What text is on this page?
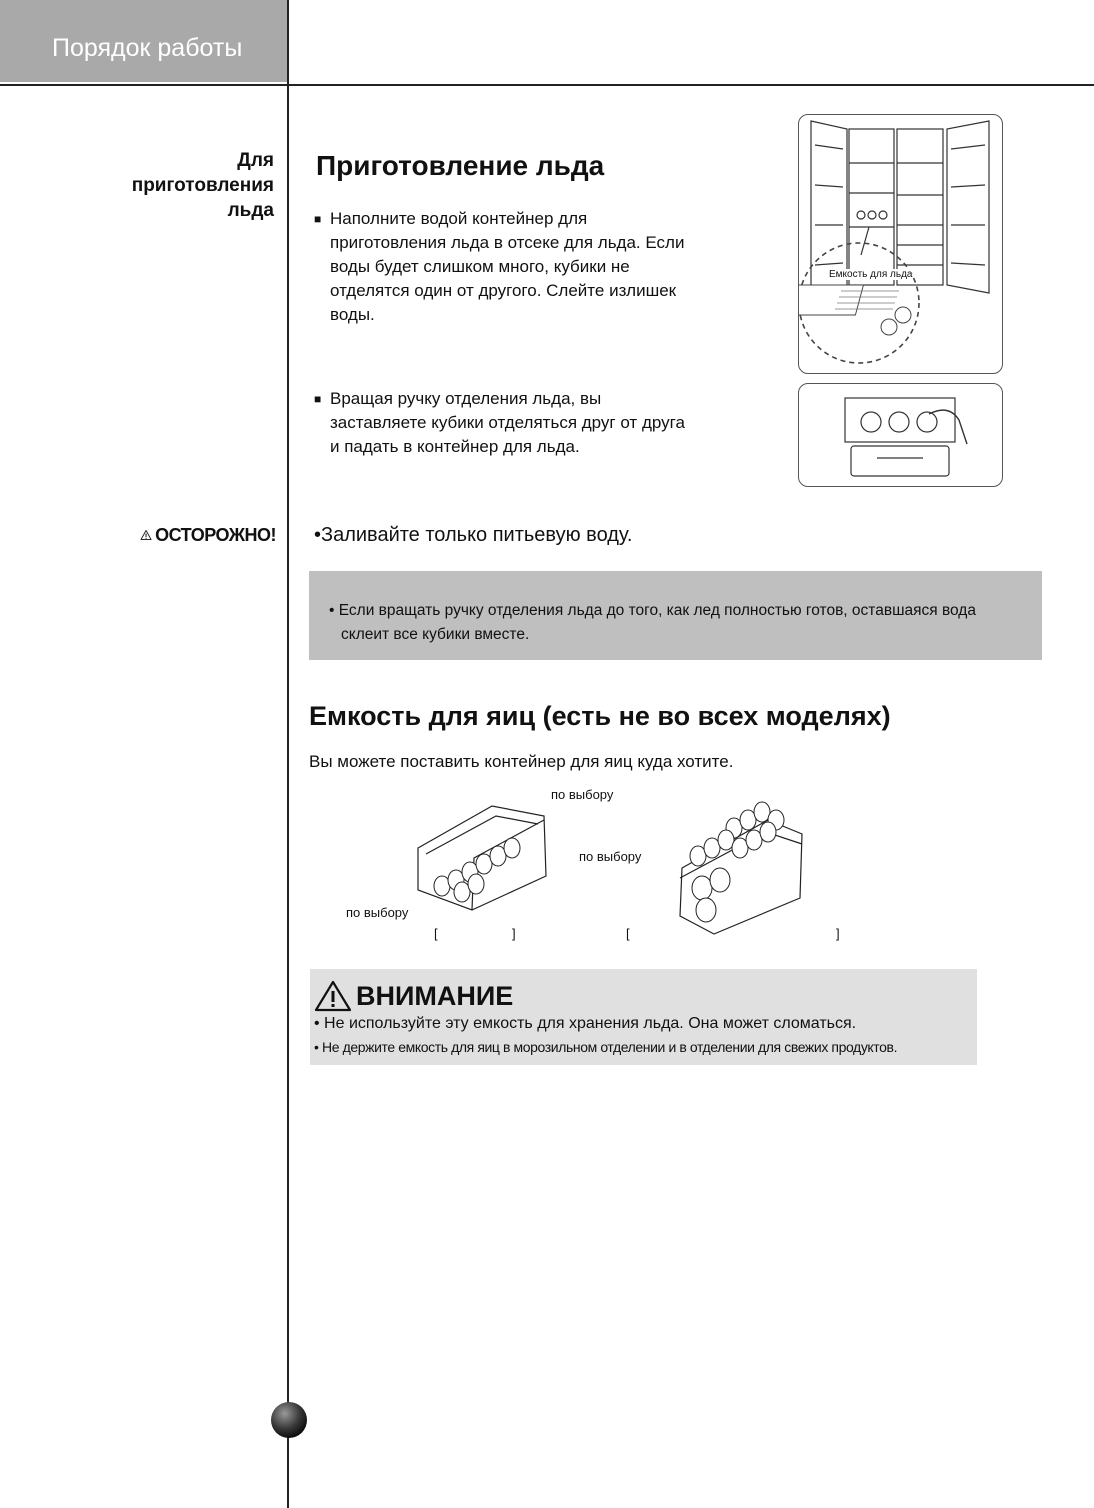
Порядок работы
Для
приготовления
льда
ОСТОРОЖНО!
Приготовление льда
■ Наполните водой контейнер для приготовления льда в отсеке для льда. Если воды будет слишком много, кубики не отделятся один от другого. Слейте излишек воды.
■ Вращая ручку отделения льда, вы заставляете кубики отделяться друг от друга и падать в контейнер для льда.
Емкость для льда
•Заливайте только питьевую воду.
• Если вращать ручку отделения льда до того, как лед полностью готов, оставшаяся вода склеит все кубики вместе.
Емкость для яиц (есть не во всех моделях)
Вы можете поставить контейнер для яиц куда хотите.
по выбору
по выбору
по выбору
[	]	[	]
ВНИМАНИЕ
• Не используйте эту емкость для хранения льда. Она может сломаться.
• Не держите емкость для яиц в морозильном отделении и в отделении для свежих продуктов.
